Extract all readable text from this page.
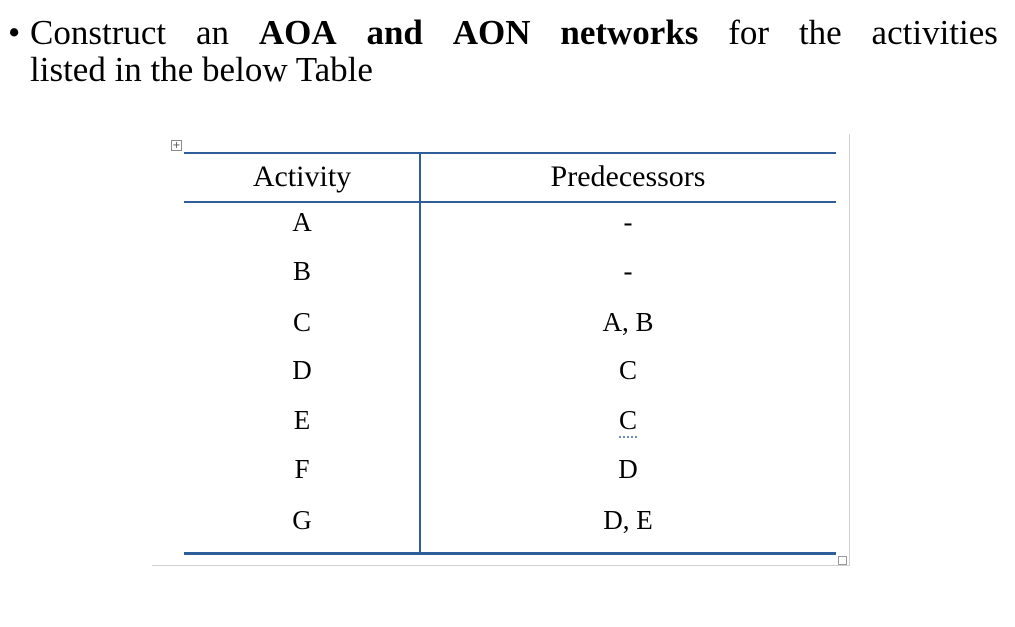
• Construct an AOA and AON networks for the activities
listed in the below Table
+
Activity	Predecessors
A	-
B	-
C	A, B
D	C
E	C
F	D
G	D, E
